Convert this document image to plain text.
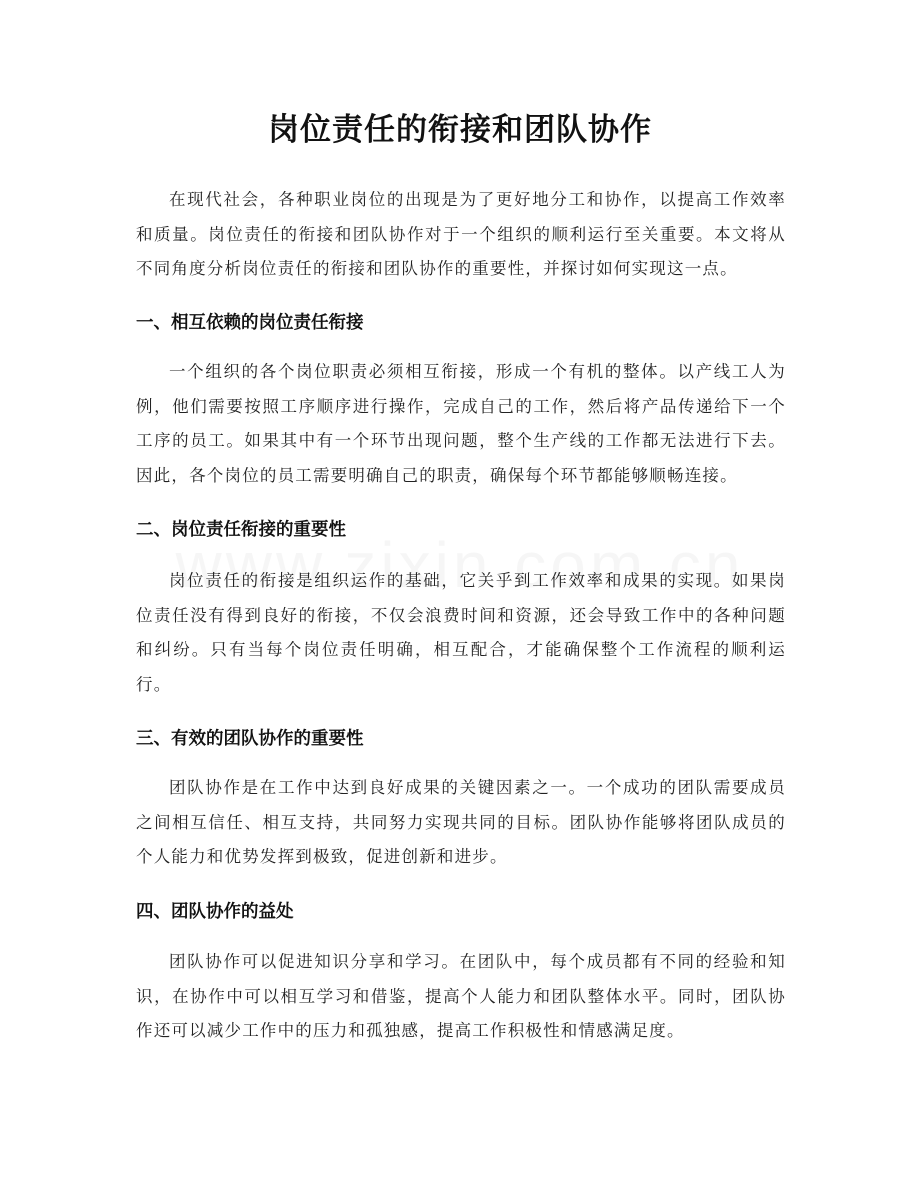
岗位责任的衔接和团队协作

在现代社会，各种职业岗位的出现是为了更好地分工和协作，以提高工作效率和质量。岗位责任的衔接和团队协作对于一个组织的顺利运行至关重要。本文将从不同角度分析岗位责任的衔接和团队协作的重要性，并探讨如何实现这一点。

一、相互依赖的岗位责任衔接

一个组织的各个岗位职责必须相互衔接，形成一个有机的整体。以产线工人为例，他们需要按照工序顺序进行操作，完成自己的工作，然后将产品传递给下一个工序的员工。如果其中有一个环节出现问题，整个生产线的工作都无法进行下去。因此，各个岗位的员工需要明确自己的职责，确保每个环节都能够顺畅连接。

二、岗位责任衔接的重要性

岗位责任的衔接是组织运作的基础，它关乎到工作效率和成果的实现。如果岗位责任没有得到良好的衔接，不仅会浪费时间和资源，还会导致工作中的各种问题和纠纷。只有当每个岗位责任明确，相互配合，才能确保整个工作流程的顺利运行。

三、有效的团队协作的重要性

团队协作是在工作中达到良好成果的关键因素之一。一个成功的团队需要成员之间相互信任、相互支持，共同努力实现共同的目标。团队协作能够将团队成员的个人能力和优势发挥到极致，促进创新和进步。

四、团队协作的益处

团队协作可以促进知识分享和学习。在团队中，每个成员都有不同的经验和知识，在协作中可以相互学习和借鉴，提高个人能力和团队整体水平。同时，团队协作还可以减少工作中的压力和孤独感，提高工作积极性和情感满足度。
